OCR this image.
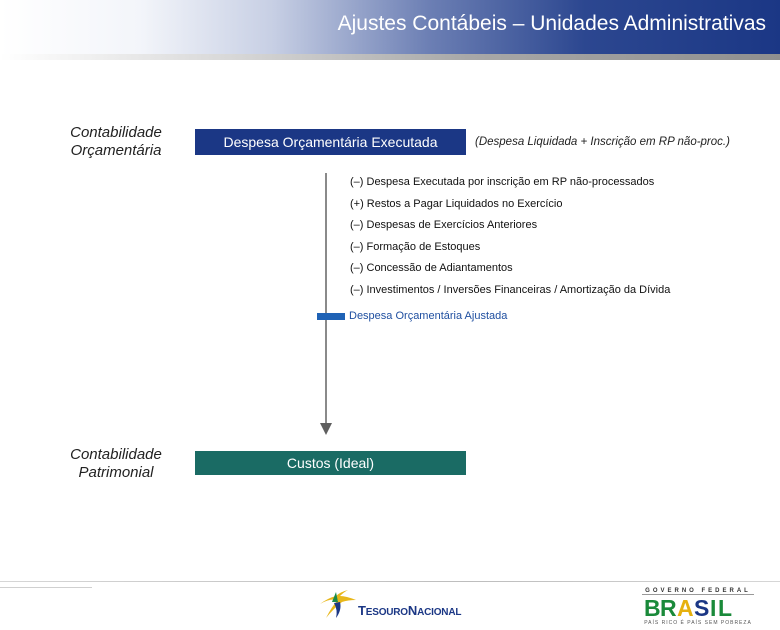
Ajustes Contábeis – Unidades Administrativas
Contabilidade
Orçamentária	Despesa Orçamentária Executada	(Despesa Liquidada + Inscrição em RP não-proc.)
(–) Despesa Executada por inscrição em RP não-processados
(+) Restos a Pagar Liquidados no Exercício
(–) Despesas de Exercícios Anteriores
(–) Formação de Estoques
(–) Concessão de Adiantamentos
(–) Investimentos / Inversões Financeiras / Amortização da Dívida
Despesa Orçamentária Ajustada
Contabilidade
Patrimonial
Custos (Ideal)
TESOURONACIONAL
GOVERNO FEDERAL
B R A S I L
PAÍS RICO É PAÍS SEM POBREZA
